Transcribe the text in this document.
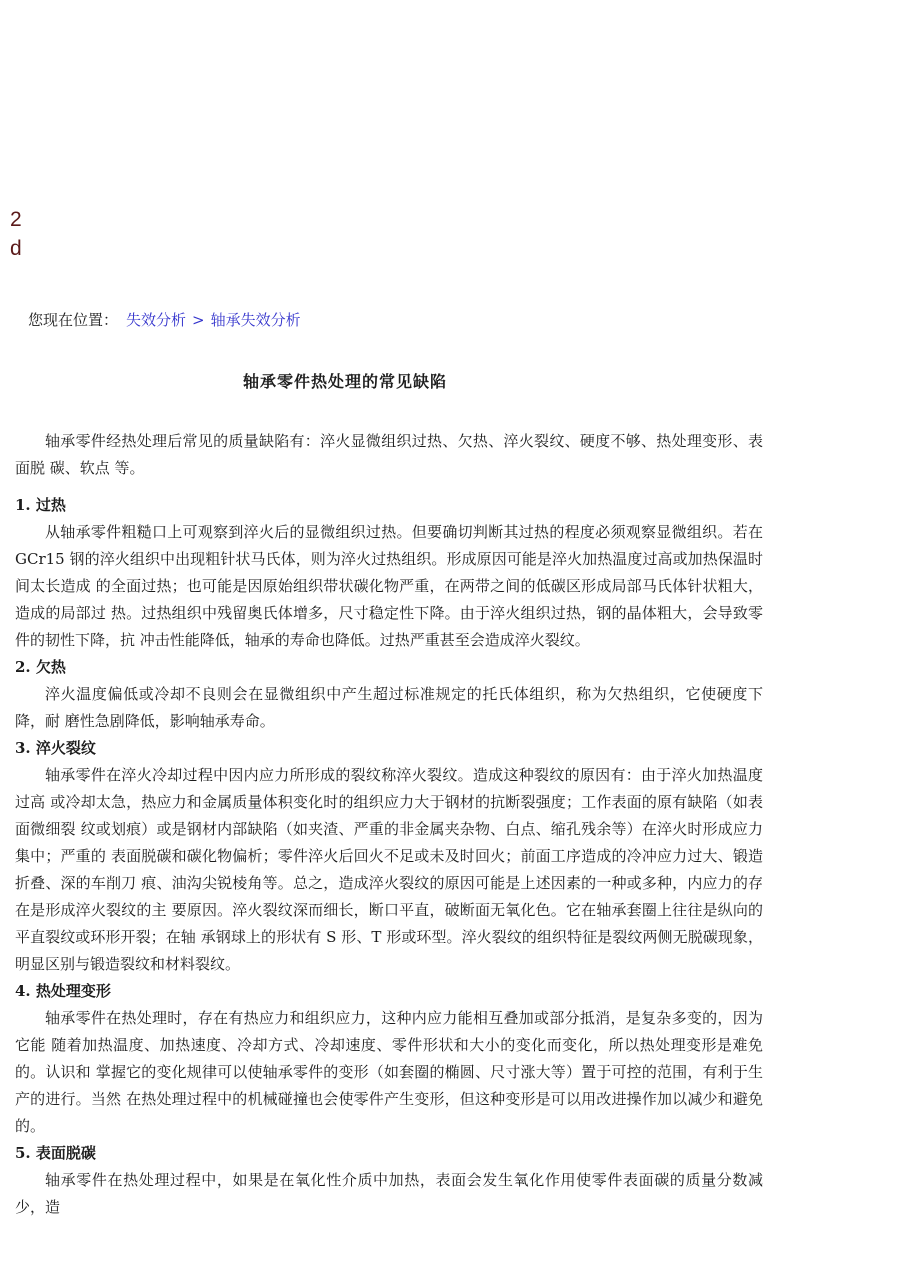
2
d
您现在位置： 失效分析 > 轴承失效分析
轴承零件热处理的常见缺陷

轴承零件经热处理后常见的质量缺陷有：淬火显微组织过热、欠热、淬火裂纹、硬度不够、热处理变形、表面脱 碳、软点 等。

1. 过热

从轴承零件粗糙口上可观察到淬火后的显微组织过热。但要确切判断其过热的程度必须观察显微组织。若在 GCr15 钢的淬火组织中出现粗针状马氏体，则为淬火过热组织。形成原因可能是淬火加热温度过高或加热保温时间太长造成 的全面过热；也可能是因原始组织带状碳化物严重，在两带之间的低碳区形成局部马氏体针状粗大，造成的局部过 热。过热组织中残留奥氏体增多，尺寸稳定性下降。由于淬火组织过热，钢的晶体粗大，会导致零件的韧性下降，抗 冲击性能降低，轴承的寿命也降低。过热严重甚至会造成淬火裂纹。

2. 欠热

淬火温度偏低或冷却不良则会在显微组织中产生超过标准规定的托氏体组织，称为欠热组织，它使硬度下降，耐 磨性急剧降低，影响轴承寿命。

3. 淬火裂纹

轴承零件在淬火冷却过程中因内应力所形成的裂纹称淬火裂纹。造成这种裂纹的原因有：由于淬火加热温度过高 或冷却太急，热应力和金属质量体积变化时的组织应力大于钢材的抗断裂强度；工作表面的原有缺陷（如表面微细裂 纹或划痕）或是钢材内部缺陷（如夹渣、严重的非金属夹杂物、白点、缩孔残余等）在淬火时形成应力集中；严重的 表面脱碳和碳化物偏析；零件淬火后回火不足或未及时回火；前面工序造成的冷冲应力过大、锻造折叠、深的车削刀 痕、油沟尖锐棱角等。总之，造成淬火裂纹的原因可能是上述因素的一种或多种，内应力的存在是形成淬火裂纹的主 要原因。淬火裂纹深而细长，断口平直，破断面无氧化色。它在轴承套圈上往往是纵向的平直裂纹或环形开裂；在轴 承钢球上的形状有 S 形、T 形或环型。淬火裂纹的组织特征是裂纹两侧无脱碳现象，明显区别与锻造裂纹和材料裂纹。

4. 热处理变形

轴承零件在热处理时，存在有热应力和组织应力，这种内应力能相互叠加或部分抵消，是复杂多变的，因为它能 随着加热温度、加热速度、冷却方式、冷却速度、零件形状和大小的变化而变化，所以热处理变形是难免的。认识和 掌握它的变化规律可以使轴承零件的变形（如套圈的椭圆、尺寸涨大等）置于可控的范围，有利于生产的进行。当然 在热处理过程中的机械碰撞也会使零件产生变形，但这种变形是可以用改进操作加以减少和避免的。

5. 表面脱碳

轴承零件在热处理过程中，如果是在氧化性介质中加热，表面会发生氧化作用使零件表面碳的质量分数减少，造
